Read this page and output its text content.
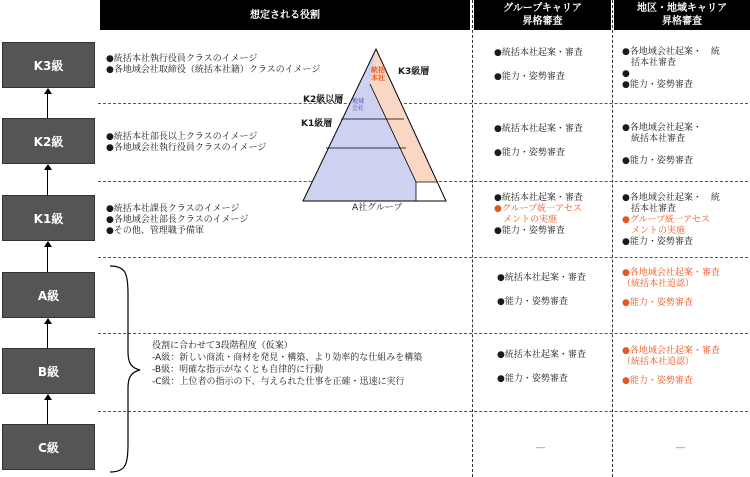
想定される役割
グループキャリア
昇格審査
地区・地域キャリア
昇格審査
K3級
K2級
K1級
A級
B級
C級
●統括本社執行役員クラスのイメージ
●各地域会社取締役（統括本社籍）クラスのイメージ
●統括本社部長以上クラスのイメージ
●各地域会社執行役員クラスのイメージ
●統括本社課長クラスのイメージ
●各地域会社部長クラスのイメージ
●その他、管理職予備軍
役割に合わせて3段階程度（仮案）
-A級：新しい商流・商材を発見・構築、より効率的な仕組みを構築
-B級：明確な指示がなくとも自律的に行動
-C級：上位者の指示の下、与えられた仕事を正確・迅速に実行
統括本社
地域会社
K3級層
K2級以層
K1級層
A社グループ
●統括本社起案・審査
●能力・姿勢審査
●統括本社起案・審査
●能力・姿勢審査
●統括本社起案・審査
●グループ統一アセス
　メントの実施
●能力・姿勢審査
●統括本社起案・審査
●能力・姿勢審査
●統括本社起案・審査
●能力・姿勢審査
―
●各地域会社起案・　統
　括本社審査
●
●能力・姿勢審査
●各地域会社起案・
　統括本社審査
●能力・姿勢審査
●各地域会社起案・　統
　括本社審査
●グループ統一アセス
　メントの実施
●能力・姿勢審査
●各地域会社起案・審査
（統括本社追認）
●能力・姿勢審査
●各地域会社起案・審査
（統括本社追認）
●能力・姿勢審査
―
